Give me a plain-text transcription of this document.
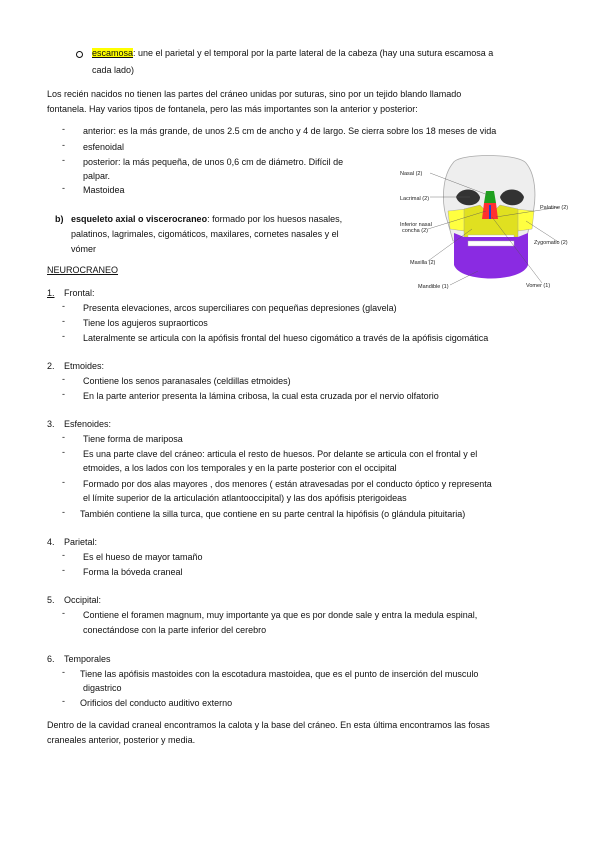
escamosa: une el parietal y el temporal por la parte lateral de la cabeza (hay una sutura escamosa a
cada lado)
Los recién nacidos no tienen las partes del cráneo unidas por suturas, sino por un tejido blando llamado
fontanela. Hay varios tipos de fontanela, pero las más importantes son la anterior y posterior:
-	anterior: es la más grande, de unos 2.5 cm de ancho y 4 de largo. Se cierra sobre los 18 meses de vida
-	esfenoidal
-	posterior: la más pequeña, de unos 0,6 cm de diámetro. Difícil de
palpar.
-	Mastoidea
b) esqueleto axial o viscerocraneo: formado por los huesos nasales,
palatinos, lagrimales, cigomáticos, maxilares, cornetes nasales y el
vómer
Nasal (2)
Lacrimal (2)
Inferior nasal
concha (2)
Maxilla (2)
Mandible (1)
Palatine (2)
Zygomatic (2)
Vomer (1)
NEUROCRANEO
1. Frontal:
-	Presenta elevaciones, arcos superciliares con pequeñas depresiones (glavela)
-	Tiene los agujeros supraorticos
-	Lateralmente se articula con la apófisis frontal del hueso cigomático a través de la apófisis cigomática
2. Etmoides:
-	Contiene los senos paranasales (celdillas etmoides)
-	En la parte anterior presenta la lámina cribosa, la cual esta cruzada por el nervio olfatorio
3. Esfenoides:
-	Tiene forma de mariposa
-	Es una parte clave del cráneo: articula el resto de huesos. Por delante se articula con el frontal y el
etmoides, a los lados con los temporales y en la parte posterior con el occipital
-	Formado por dos alas mayores , dos menores ( están atravesadas por el conducto óptico y representa
el límite superior de la articulación atlantooccipital) y las dos apófisis pterigoideas
-	También contiene la silla turca, que contiene en su parte central la hipófisis (o glándula pituitaria)
4. Parietal:
-	Es el hueso de mayor tamaño
-	Forma la bóveda craneal
5. Occipital:
-	Contiene el foramen magnum, muy importante ya que es por donde sale y entra la medula espinal,
conectándose con la parte inferior del cerebro
6. Temporales
-	Tiene las apófisis mastoides con la escotadura mastoidea, que es el punto de inserción del musculo
digastrico
-	Orificios del conducto auditivo externo
Dentro de la cavidad craneal encontramos la calota y la base del cráneo. En esta última encontramos las fosas
craneales anterior, posterior y media.
